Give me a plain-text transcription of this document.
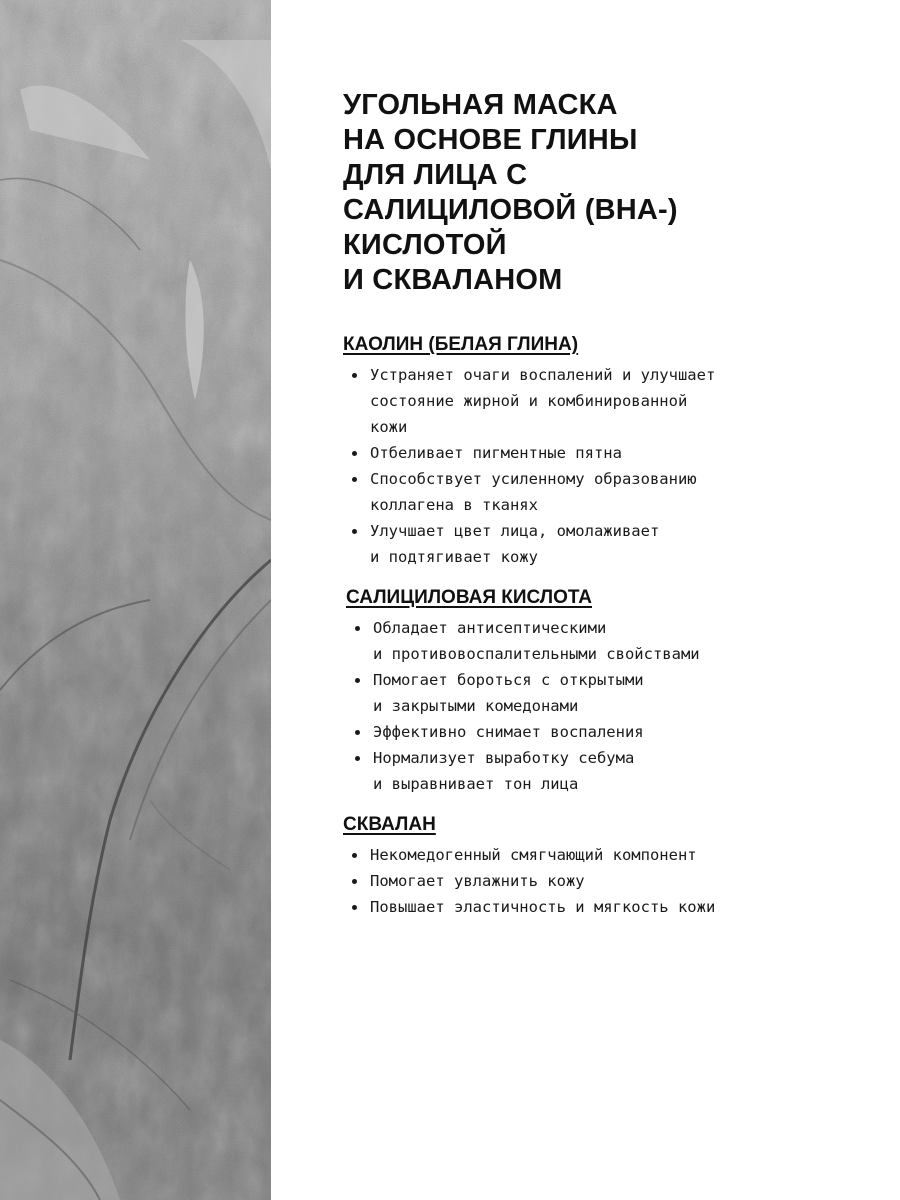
УГОЛЬНАЯ МАСКА
НА ОСНОВЕ ГЛИНЫ
ДЛЯ ЛИЦА С
САЛИЦИЛОВОЙ (BHA-)
КИСЛОТОЙ
И СКВАЛАНОМ
КАОЛИН (БЕЛАЯ ГЛИНА)
Устраняет очаги воспалений и улучшает
состояние жирной и комбинированной
кожи
Отбеливает пигментные пятна
Способствует усиленному образованию
коллагена в тканях
Улучшает цвет лица, омолаживает
и подтягивает кожу
САЛИЦИЛОВАЯ КИСЛОТА
Обладает антисептическими
и противовоспалительными свойствами
Помогает бороться с открытыми
и закрытыми комедонами
Эффективно снимает воспаления
Нормализует выработку себума
и выравнивает тон лица
СКВАЛАН
Некомедогенный смягчающий компонент
Помогает увлажнить кожу
Повышает эластичность и мягкость кожи
